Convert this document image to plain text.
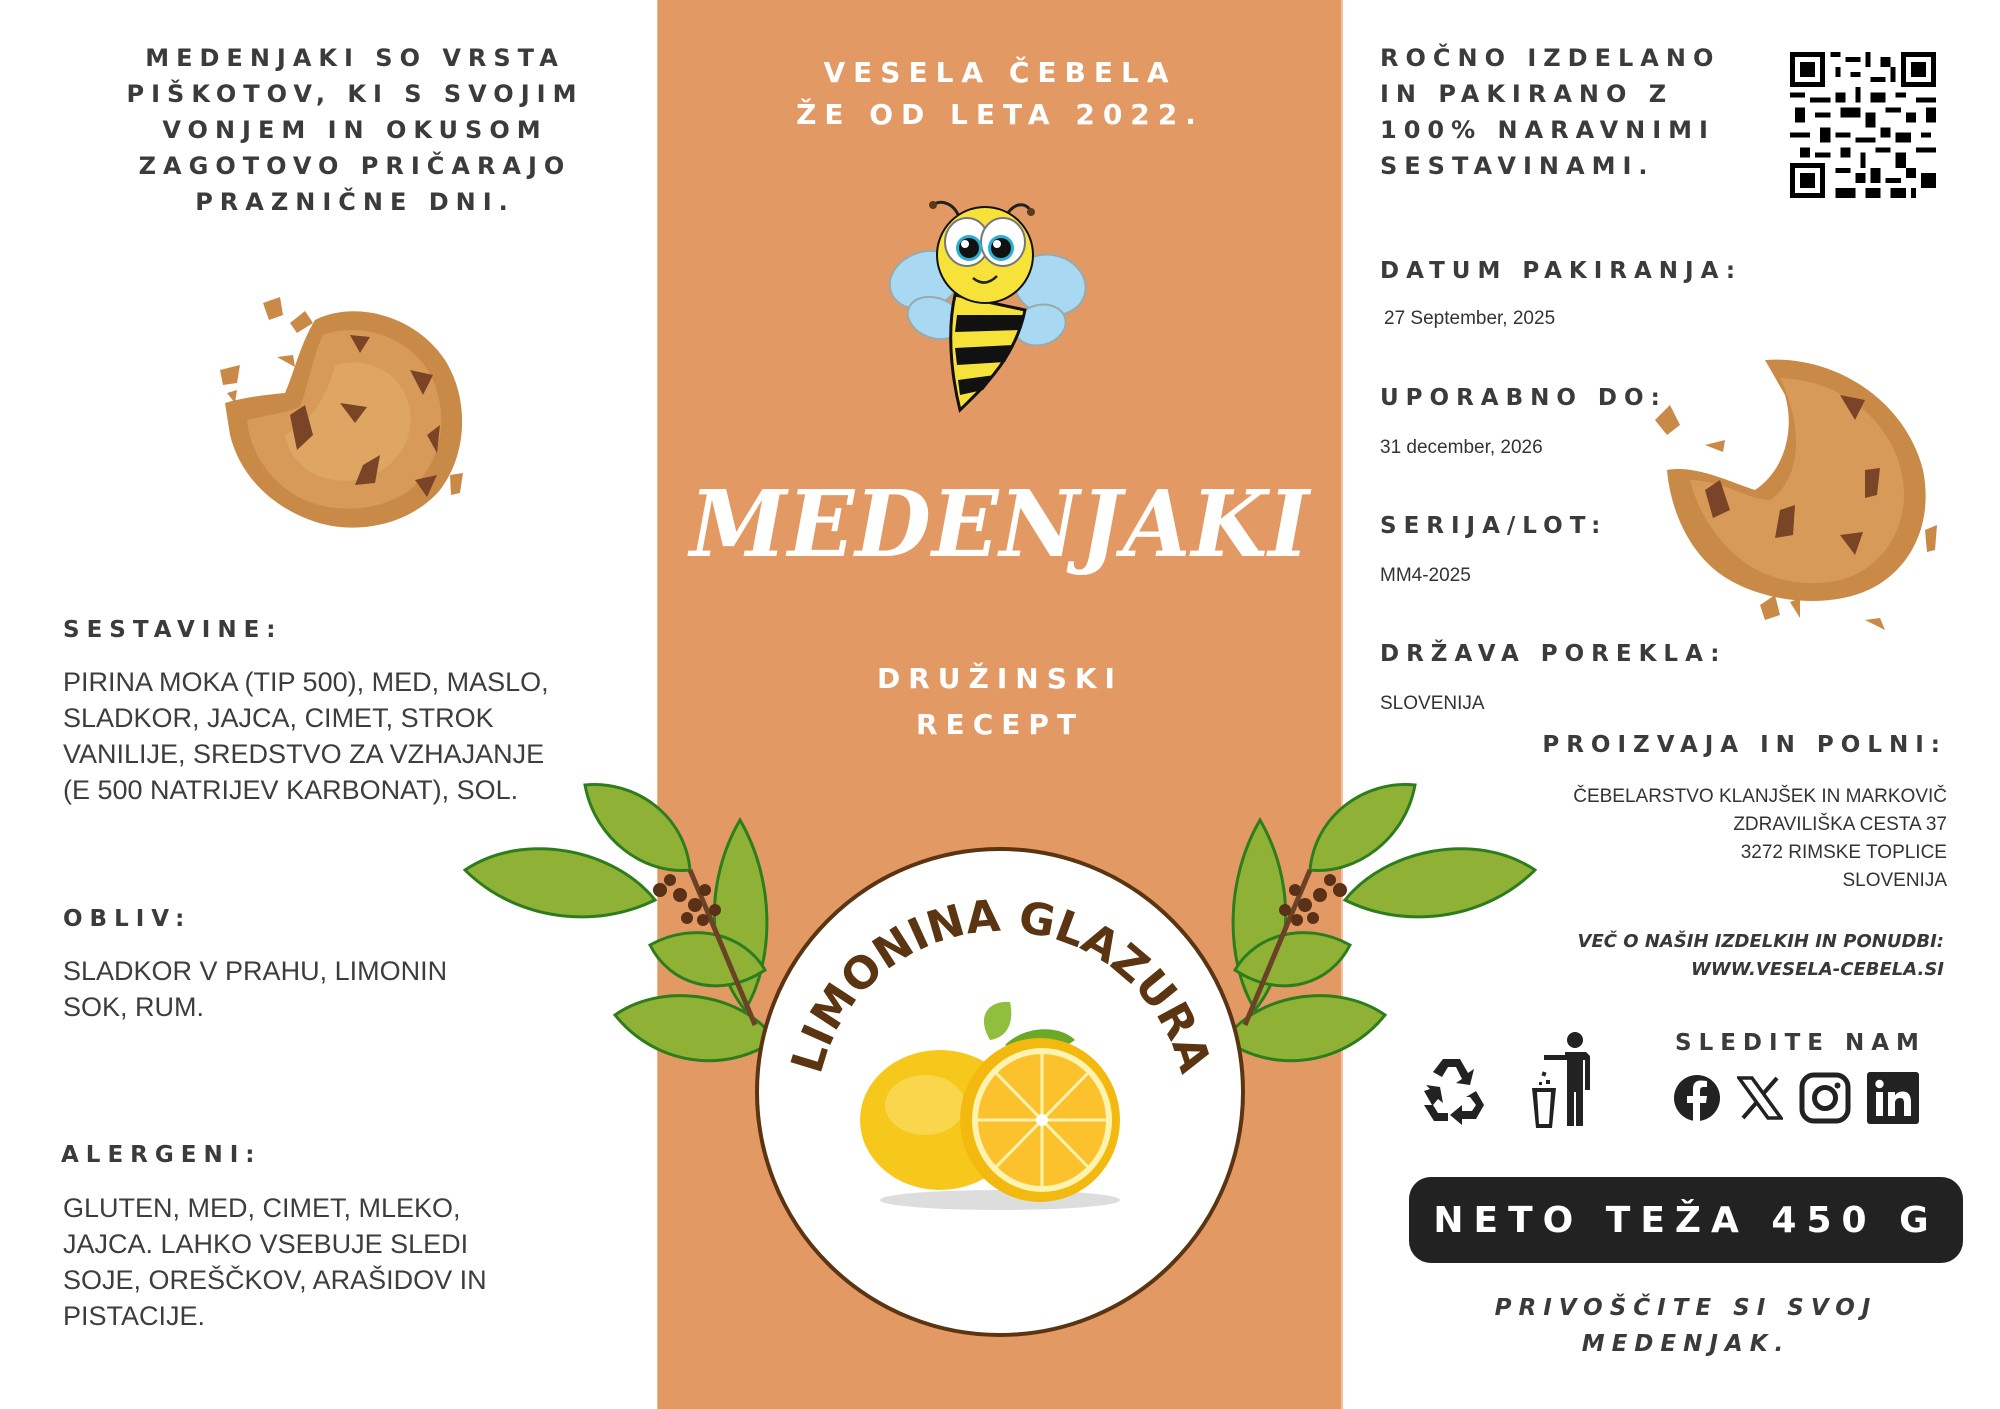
MEDENJAKI SO VRSTA
PIŠKOTOV, KI S SVOJIM
VONJEM IN OKUSOM
ZAGOTOVO PRIČARAJO
PRAZNIČNE DNI.
SESTAVINE:
PIRINA MOKA (TIP 500), MED, MASLO,
SLADKOR, JAJCA, CIMET, STROK
VANILIJE, SREDSTVO ZA VZHAJANJE
(E 500 NATRIJEV KARBONAT), SOL.
OBLIV:
SLADKOR V PRAHU, LIMONIN
SOK, RUM.
ALERGENI:
GLUTEN, MED, CIMET, MLEKO,
JAJCA. LAHKO VSEBUJE SLEDI
SOJE, OREŠČKOV, ARAŠIDOV IN
PISTACIJE.
VESELA ČEBELA
ŽE OD LETA 2022.
MEDENJAKI
DRUŽINSKI
RECEPT
LIMONINA GLAZURA
ROČNO IZDELANO
IN PAKIRANO Z
100% NARAVNIMI
SESTAVINAMI.
DATUM PAKIRANJA:
27 September, 2025
UPORABNO DO:
31 december, 2026
SERIJA/LOT:
MM4-2025
DRŽAVA POREKLA:
SLOVENIJA
PROIZVAJA IN POLNI:
ČEBELARSTVO KLANJŠEK IN MARKOVIČ
ZDRAVILIŠKA CESTA 37
3272 RIMSKE TOPLICE
SLOVENIJA
VEČ O NAŠIH IZDELKIH IN PONUDBI:
WWW.VESELA-CEBELA.SI
SLEDITE NAM
NETO TEŽA 450 G
PRIVOŠČITE SI SVOJ
MEDENJAK.
